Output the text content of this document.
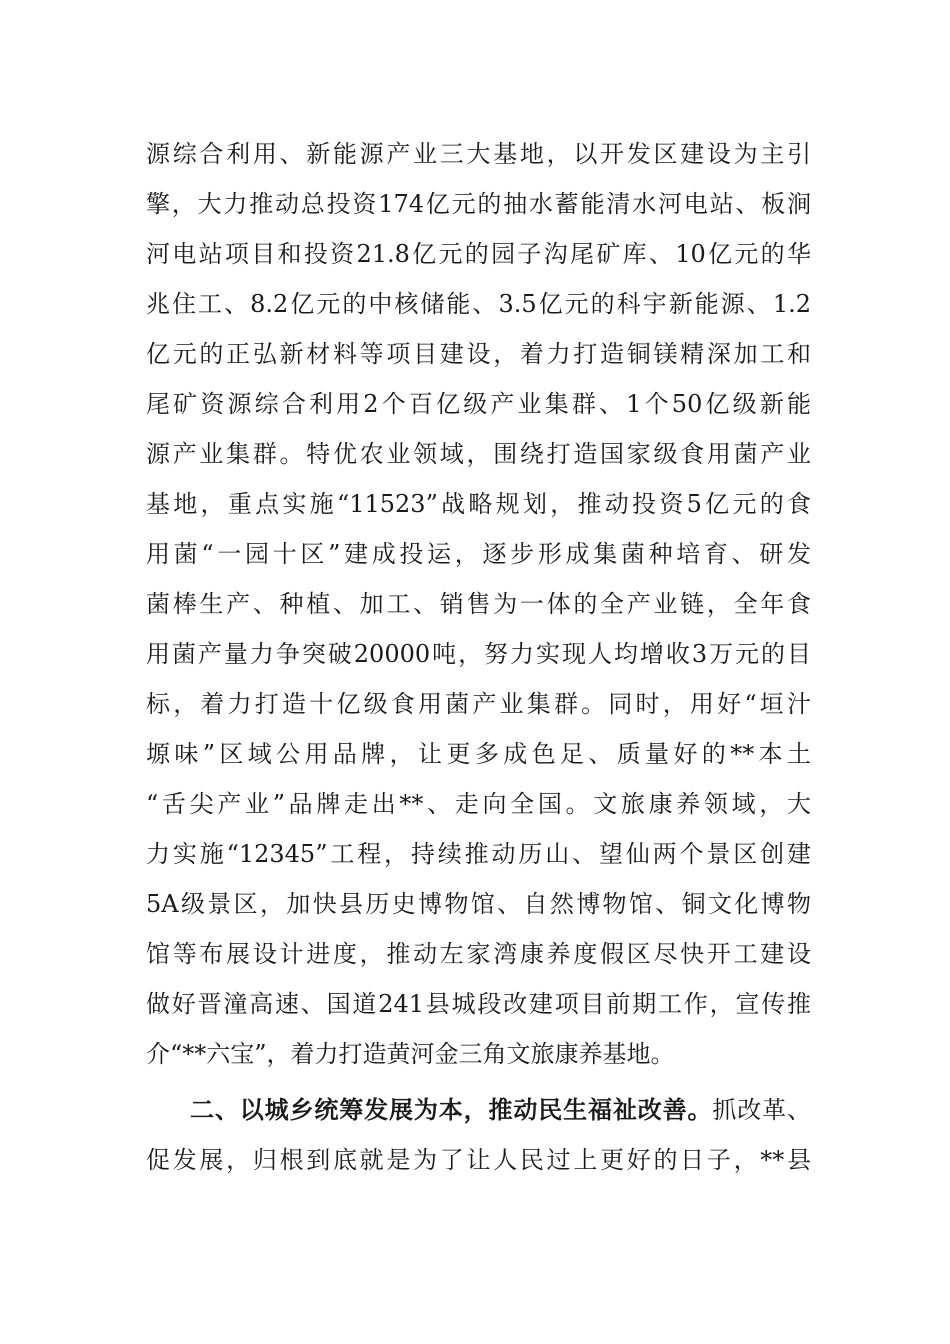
源综合利用、新能源产业三大基地，以开发区建设为主引
擎，大力推动总投资174亿元的抽水蓄能清水河电站、板涧
河电站项目和投资21.8亿元的园子沟尾矿库、10亿元的华
兆住工、8.2亿元的中核储能、3.5亿元的科宇新能源、1.2
亿元的正弘新材料等项目建设，着力打造铜镁精深加工和
尾矿资源综合利用2个百亿级产业集群、1个50亿级新能
源产业集群。特优农业领域，围绕打造国家级食用菌产业
基地，重点实施“11523”战略规划，推动投资5亿元的食
用菌“一园十区”建成投运，逐步形成集菌种培育、研发
菌棒生产、种植、加工、销售为一体的全产业链，全年食
用菌产量力争突破20000吨，努力实现人均增收3万元的目
标，着力打造十亿级食用菌产业集群。同时，用好“垣汁
塬味”区域公用品牌，让更多成色足、质量好的**本土
“舌尖产业”品牌走出**、走向全国。文旅康养领域，大
力实施“12345”工程，持续推动历山、望仙两个景区创建
5A级景区，加快县历史博物馆、自然博物馆、铜文化博物
馆等布展设计进度，推动左家湾康养度假区尽快开工建设
做好晋潼高速、国道241县城段改建项目前期工作，宣传推
介“**六宝”，着力打造黄河金三角文旅康养基地。
二、以城乡统筹发展为本，推动民生福祉改善。抓改革、
促发展，归根到底就是为了让人民过上更好的日子，**县
